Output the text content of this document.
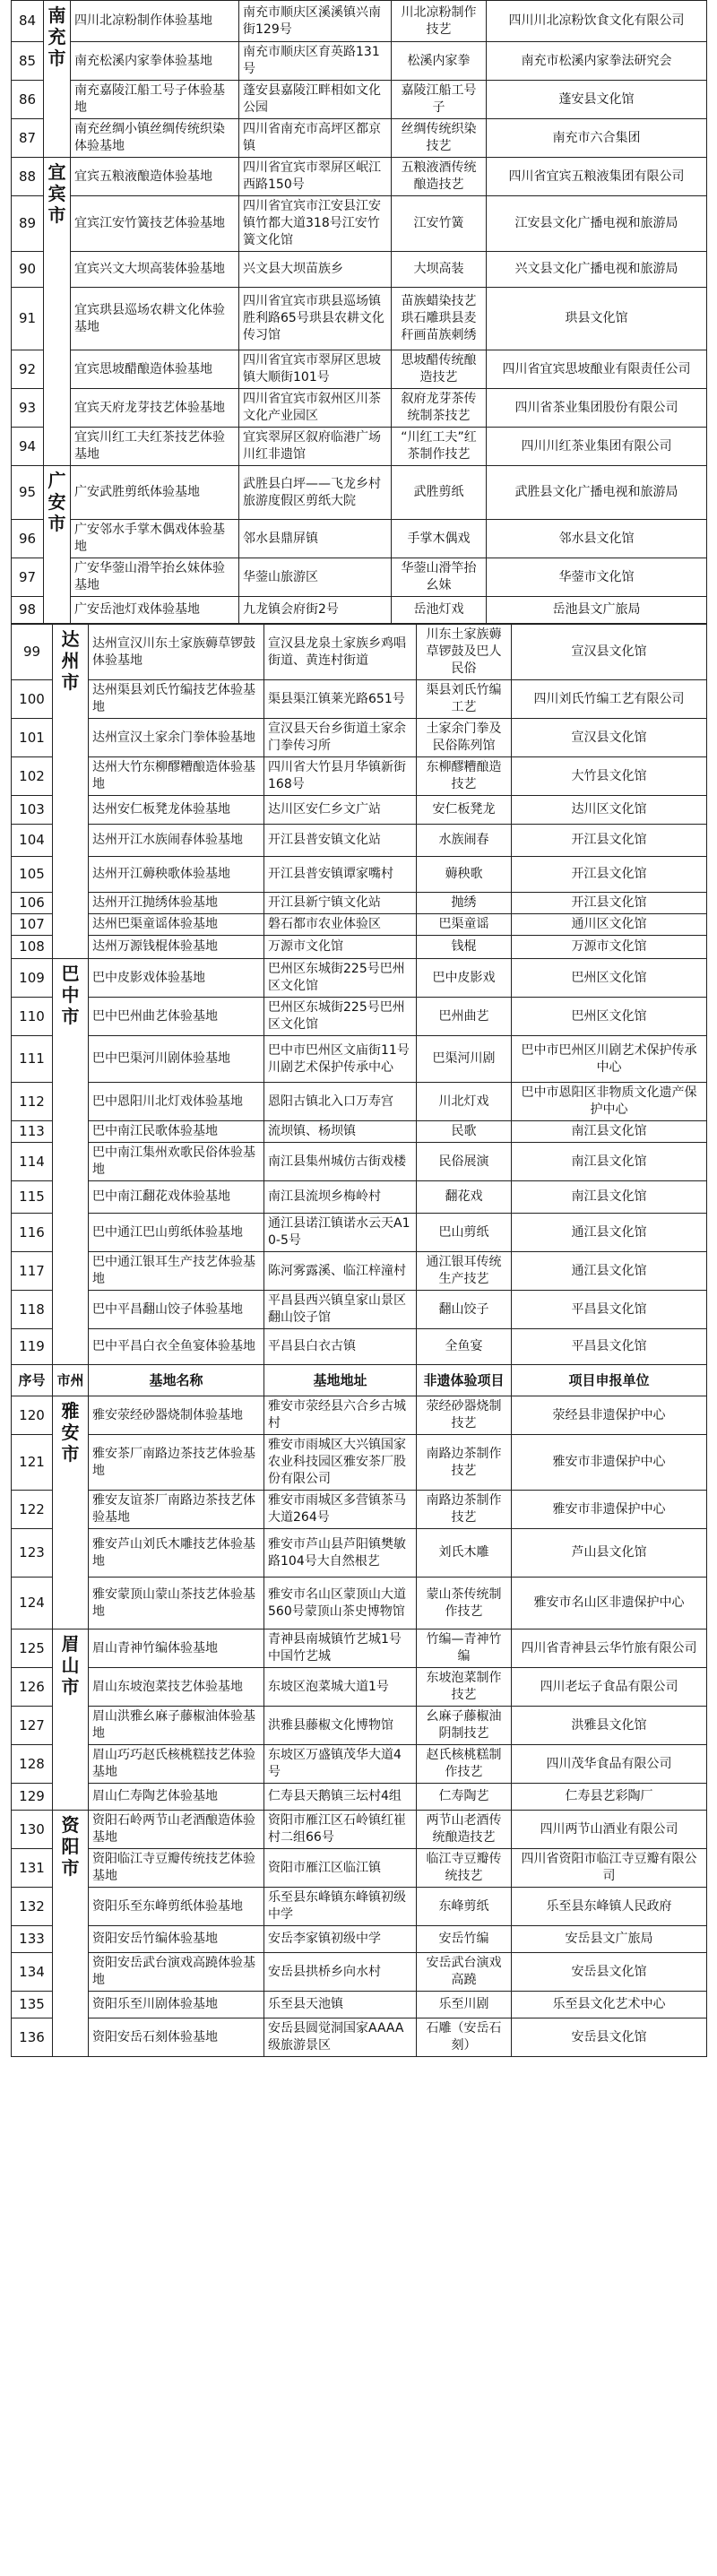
84	南充市	四川北凉粉制作体验基地	南充市顺庆区溪溪镇兴南街129号	川北凉粉制作技艺	四川川北凉粉饮食文化有限公司
85		南充松溪内家拳体验基地	南充市顺庆区育英路131号	松溪内家拳	南充市松溪内家拳法研究会
86		南充嘉陵江船工号子体验基地	蓬安县嘉陵江畔相如文化公园	嘉陵江船工号子	蓬安县文化馆
87		南充丝绸小镇丝绸传统织染体验基地	四川省南充市高坪区都京镇	丝绸传统织染技艺	南充市六合集团
88	宜宾市	宜宾五粮液酿造体验基地	四川省宜宾市翠屏区岷江西路150号	五粮液酒传统酿造技艺	四川省宜宾五粮液集团有限公司
89		宜宾江安竹簧技艺体验基地	四川省宜宾市江安县江安镇竹都大道318号江安竹簧文化馆	江安竹簧	江安县文化广播电视和旅游局
90		宜宾兴文大坝高装体验基地	兴文县大坝苗族乡	大坝高装	兴文县文化广播电视和旅游局
91		宜宾珙县巡场农耕文化体验基地	四川省宜宾市珙县巡场镇胜利路65号珙县农耕文化传习馆	苗族蜡染技艺珙石雕珙县麦秆画苗族刺绣	珙县文化馆
92		宜宾思坡醋酿造体验基地	四川省宜宾市翠屏区思坡镇大顺街101号	思坡醋传统酿造技艺	四川省宜宾思坡酿业有限责任公司
93		宜宾天府龙芽技艺体验基地	四川省宜宾市叙州区川茶文化产业园区	叙府龙芽茶传统制茶技艺	四川省茶业集团股份有限公司
94		宜宾川红工夫红茶技艺体验基地	宜宾翠屏区叙府临港广场川红非遗馆	“川红工夫”红茶制作技艺	四川川红茶业集团有限公司
95	广安市	广安武胜剪纸体验基地	武胜县白坪——飞龙乡村旅游度假区剪纸大院	武胜剪纸	武胜县文化广播电视和旅游局
96		广安邻水手掌木偶戏体验基地	邻水县鼎屏镇	手掌木偶戏	邻水县文化馆
97		广安华蓥山滑竿抬幺妹体验基地	华蓥山旅游区	华蓥山滑竿抬幺妹	华蓥市文化馆
98		广安岳池灯戏体验基地	九龙镇会府街2号	岳池灯戏	岳池县文广旅局
99	达州市	达州宣汉川东土家族薅草锣鼓体验基地	宣汉县龙泉土家族乡鸡唱街道、黄连村街道	川东土家族薅草锣鼓及巴人民俗	宣汉县文化馆
100		达州渠县刘氏竹编技艺体验基地	渠县渠江镇莱光路651号	渠县刘氏竹编工艺	四川刘氏竹编工艺有限公司
101		达州宣汉土家余门拳体验基地	宣汉县天台乡街道土家余门拳传习所	土家余门拳及民俗陈列馆	宣汉县文化馆
102		达州大竹东柳醪糟酿造体验基地	四川省大竹县月华镇新街168号	东柳醪糟酿造技艺	大竹县文化馆
103		达州安仁板凳龙体验基地	达川区安仁乡文广站	安仁板凳龙	达川区文化馆
104		达州开江水族闹春体验基地	开江县普安镇文化站	水族闹春	开江县文化馆
105		达州开江薅秧歌体验基地	开江县普安镇谭家嘴村	薅秧歌	开江县文化馆
106		达州开江抛绣体验基地	开江县新宁镇文化站	抛绣	开江县文化馆
107		达州巴渠童谣体验基地	磐石都市农业体验区	巴渠童谣	通川区文化馆
108		达州万源钱棍体验基地	万源市文化馆	钱棍	万源市文化馆
109	巴中市	巴中皮影戏体验基地	巴州区东城街225号巴州区文化馆	巴中皮影戏	巴州区文化馆
110		巴中巴州曲艺体验基地	巴州区东城街225号巴州区文化馆	巴州曲艺	巴州区文化馆
111		巴中巴渠河川剧体验基地	巴中市巴州区文庙街11号川剧艺术保护传承中心	巴渠河川剧	巴中市巴州区川剧艺术保护传承中心
112		巴中恩阳川北灯戏体验基地	恩阳古镇北入口万寿宫	川北灯戏	巴中市恩阳区非物质文化遗产保护中心
113		巴中南江民歌体验基地	流坝镇、杨坝镇	民歌	南江县文化馆
114		巴中南江集州欢歌民俗体验基地	南江县集州城仿古街戏楼	民俗展演	南江县文化馆
115		巴中南江翻花戏体验基地	南江县流坝乡梅岭村	翻花戏	南江县文化馆
116		巴中通江巴山剪纸体验基地	通江县诺江镇诺水云天A10-5号	巴山剪纸	通江县文化馆
117		巴中通江银耳生产技艺体验基地	陈河雾露溪、临江梓潼村	通江银耳传统生产技艺	通江县文化馆
118		巴中平昌翻山饺子体验基地	平昌县西兴镇皇家山景区翻山饺子馆	翻山饺子	平昌县文化馆
119		巴中平昌白衣全鱼宴体验基地	平昌县白衣古镇	全鱼宴	平昌县文化馆
序号	市州	基地名称	基地地址	非遗体验项目	项目申报单位
120	雅安市	雅安荥经砂器烧制体验基地	雅安市荥经县六合乡古城村	荥经砂器烧制技艺	荥经县非遗保护中心
121		雅安茶厂南路边茶技艺体验基地	雅安市雨城区大兴镇国家农业科技园区雅安茶厂股份有限公司	南路边茶制作技艺	雅安市非遗保护中心
122		雅安友谊茶厂南路边茶技艺体验基地	雅安市雨城区多营镇茶马大道264号	南路边茶制作技艺	雅安市非遗保护中心
123		雅安芦山刘氏木雕技艺体验基地	雅安市芦山县芦阳镇樊敏路104号大自然根艺	刘氏木雕	芦山县文化馆
124		雅安蒙顶山蒙山茶技艺体验基地	雅安市名山区蒙顶山大道560号蒙顶山茶史博物馆	蒙山茶传统制作技艺	雅安市名山区非遗保护中心
125	眉山市	眉山青神竹编体验基地	青神县南城镇竹艺城1号中国竹艺城	竹编—青神竹编	四川省青神县云华竹旅有限公司
126		眉山东坡泡菜技艺体验基地	东坡区泡菜城大道1号	东坡泡菜制作技艺	四川老坛子食品有限公司
127		眉山洪雅幺麻子藤椒油体验基地	洪雅县藤椒文化博物馆	幺麻子藤椒油阴制技艺	洪雅县文化馆
128		眉山巧巧赵氏核桃糕技艺体验基地	东坡区万盛镇茂华大道4号	赵氏核桃糕制作技艺	四川茂华食品有限公司
129		眉山仁寿陶艺体验基地	仁寿县天鹅镇三坛村4组	仁寿陶艺	仁寿县艺彩陶厂
130	资阳市	资阳石岭两节山老酒酿造体验基地	资阳市雁江区石岭镇红崔村二组66号	两节山老酒传统酿造技艺	四川两节山酒业有限公司
131		资阳临江寺豆瓣传统技艺体验基地	资阳市雁江区临江镇	临江寺豆瓣传统技艺	四川省资阳市临江寺豆瓣有限公司
132		资阳乐至东峰剪纸体验基地	乐至县东峰镇东峰镇初级中学	东峰剪纸	乐至县东峰镇人民政府
133		资阳安岳竹编体验基地	安岳李家镇初级中学	安岳竹编	安岳县文广旅局
134		资阳安岳武台演戏高蹺体验基地	安岳县拱桥乡向水村	安岳武台演戏高蹺	安岳县文化馆
135		资阳乐至川剧体验基地	乐至县天池镇	乐至川剧	乐至县文化艺术中心
136		资阳安岳石刻体验基地	安岳县圆觉洞国家AAAA级旅游景区	石雕（安岳石刻）	安岳县文化馆
